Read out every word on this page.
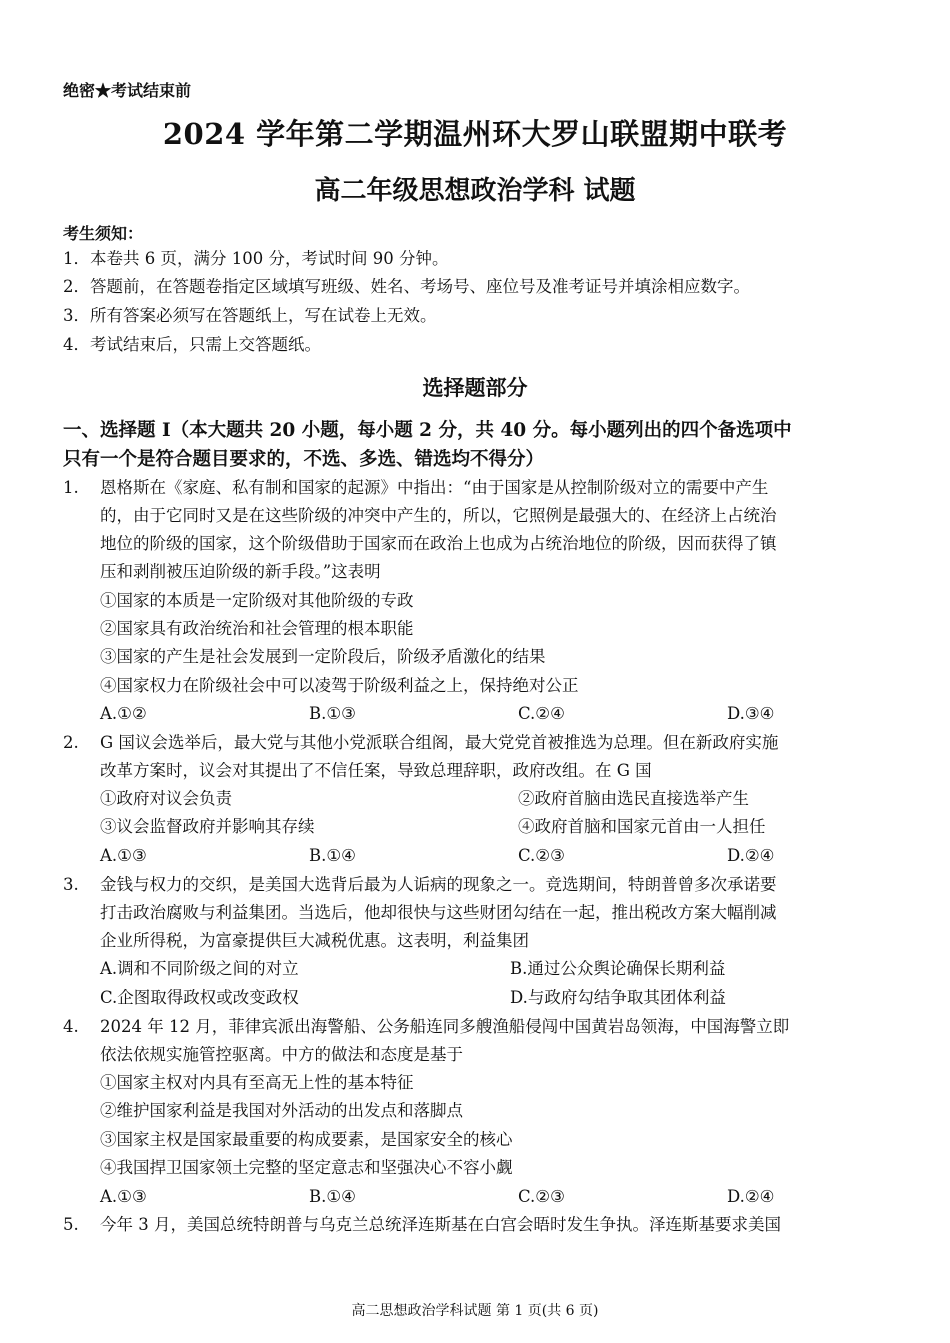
绝密★考试结束前
2024 学年第二学期温州环大罗山联盟期中联考
高二年级思想政治学科 试题
考生须知：
1．本卷共 6 页，满分 100 分，考试时间 90 分钟。
2．答题前，在答题卷指定区域填写班级、姓名、考场号、座位号及准考证号并填涂相应数字。
3．所有答案必须写在答题纸上，写在试卷上无效。
4．考试结束后，只需上交答题纸。
选择题部分
一、选择题 I（本大题共 20 小题，每小题 2 分，共 40 分。每小题列出的四个备选项中
只有一个是符合题目要求的，不选、多选、错选均不得分）
1. 恩格斯在《家庭、私有制和国家的起源》中指出：“由于国家是从控制阶级对立的需要中产生
的，由于它同时又是在这些阶级的冲突中产生的，所以，它照例是最强大的、在经济上占统治
地位的阶级的国家，这个阶级借助于国家而在政治上也成为占统治地位的阶级，因而获得了镇
压和剥削被压迫阶级的新手段。”这表明
①国家的本质是一定阶级对其他阶级的专政
②国家具有政治统治和社会管理的根本职能
③国家的产生是社会发展到一定阶段后，阶级矛盾激化的结果
④国家权力在阶级社会中可以凌驾于阶级利益之上，保持绝对公正
A.①②	B.①③	C.②④	D.③④
2. G 国议会选举后，最大党与其他小党派联合组阁，最大党党首被推选为总理。但在新政府实施
改革方案时，议会对其提出了不信任案，导致总理辞职，政府改组。在 G 国
①政府对议会负责	②政府首脑由选民直接选举产生
③议会监督政府并影响其存续	④政府首脑和国家元首由一人担任
A.①③	B.①④	C.②③	D.②④
3. 金钱与权力的交织，是美国大选背后最为人诟病的现象之一。竞选期间，特朗普曾多次承诺要
打击政治腐败与利益集团。当选后，他却很快与这些财团勾结在一起，推出税改方案大幅削减
企业所得税，为富豪提供巨大减税优惠。这表明，利益集团
A.调和不同阶级之间的对立	B.通过公众舆论确保长期利益
C.企图取得政权或改变政权	D.与政府勾结争取其团体利益
4. 2024 年 12 月，菲律宾派出海警船、公务船连同多艘渔船侵闯中国黄岩岛领海，中国海警立即
依法依规实施管控驱离。中方的做法和态度是基于
①国家主权对内具有至高无上性的基本特征
②维护国家利益是我国对外活动的出发点和落脚点
③国家主权是国家最重要的构成要素，是国家安全的核心
④我国捍卫国家领土完整的坚定意志和坚强决心不容小觑
A.①③	B.①④	C.②③	D.②④
5. 今年 3 月，美国总统特朗普与乌克兰总统泽连斯基在白宫会晤时发生争执。泽连斯基要求美国
高二思想政治学科试题 第 1 页(共 6 页)
